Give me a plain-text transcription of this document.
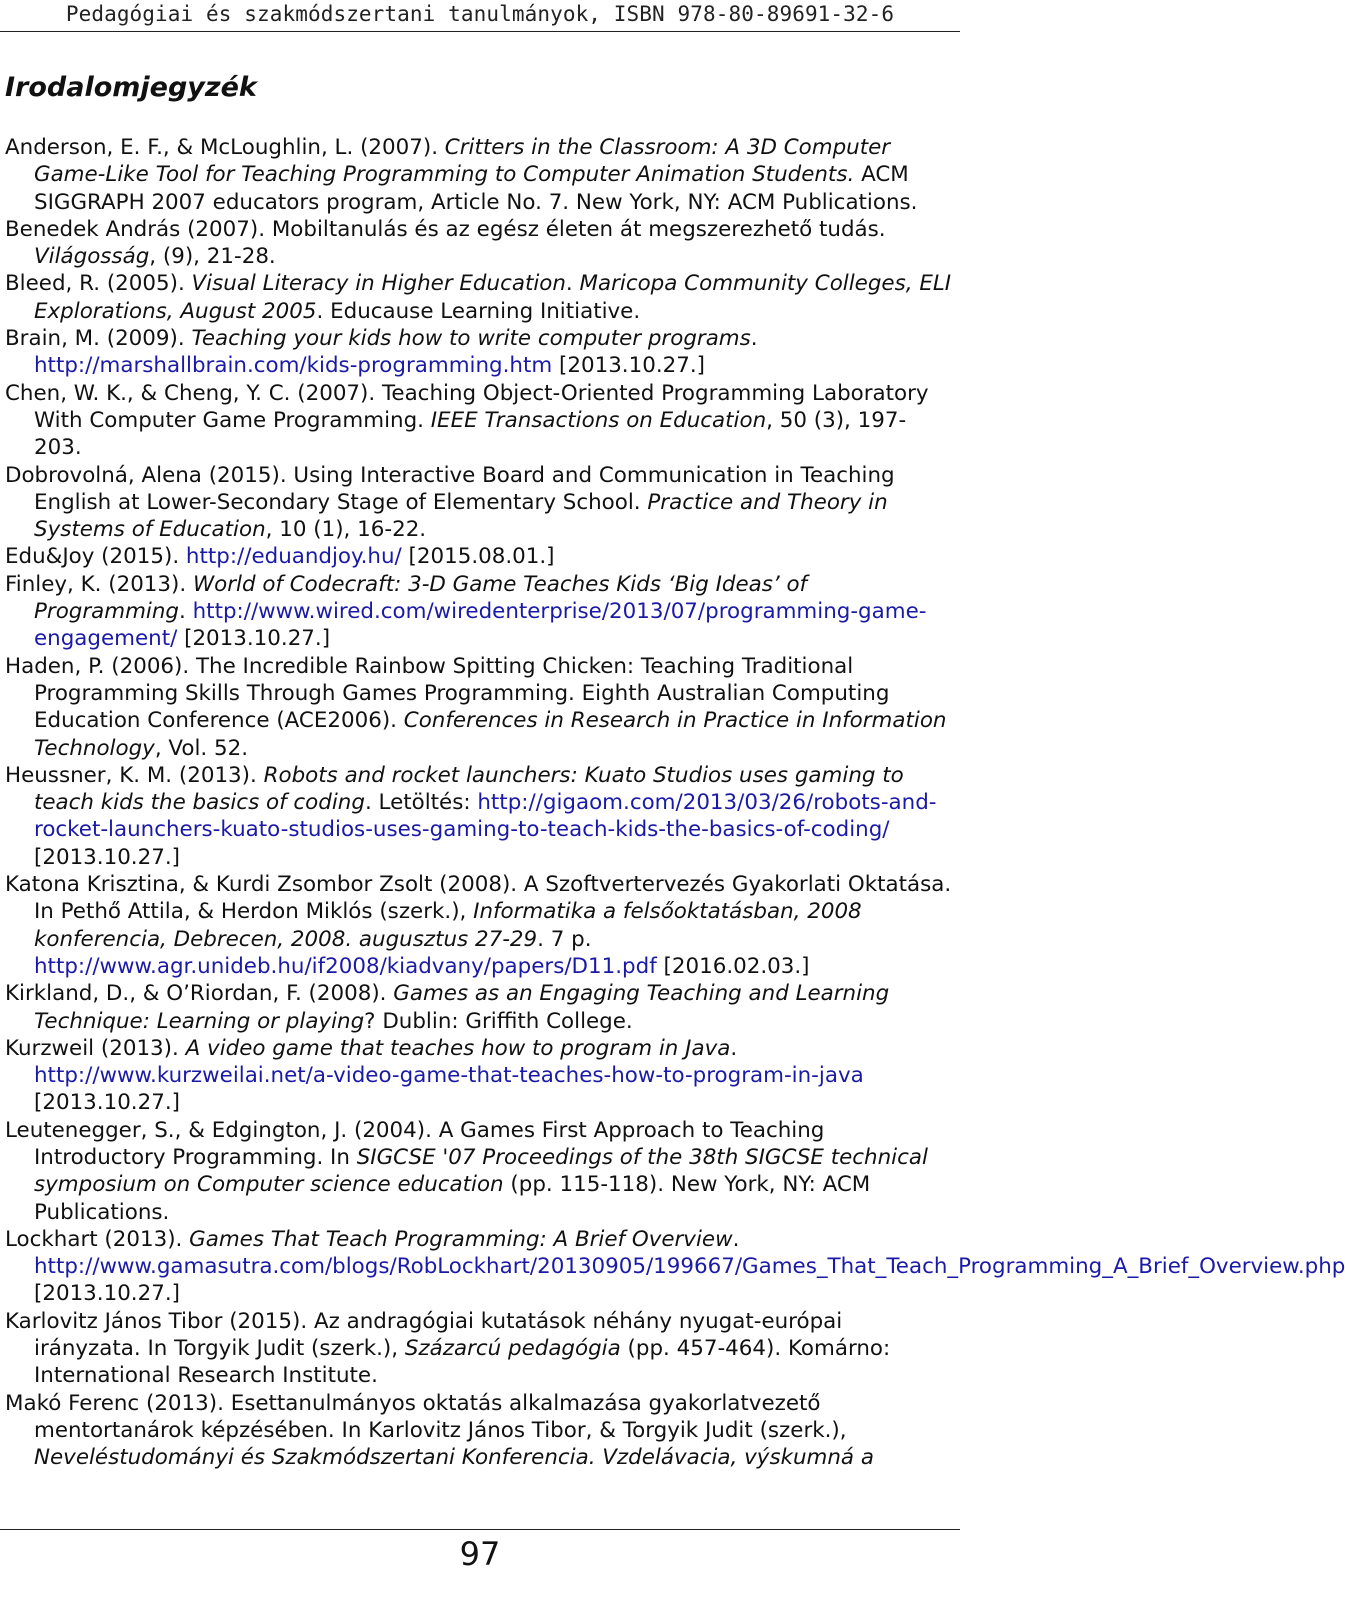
Pedagógiai és szakmódszertani tanulmányok, ISBN 978-80-89691-32-6
Irodalomjegyzék

Anderson, E. F., & McLoughlin, L. (2007). Critters in the Classroom: A 3D Computer Game-Like Tool for Teaching Programming to Computer Animation Students. ACM SIGGRAPH 2007 educators program, Article No. 7. New York, NY: ACM Publications.

Benedek András (2007). Mobiltanulás és az egész életen át megszerezhető tudás. Világosság, (9), 21-28.

Bleed, R. (2005). Visual Literacy in Higher Education. Maricopa Community Colleges, ELI Explorations, August 2005. Educause Learning Initiative.

Brain, M. (2009). Teaching your kids how to write computer programs. http://marshallbrain.com/kids-programming.htm [2013.10.27.]

Chen, W. K., & Cheng, Y. C. (2007). Teaching Object-Oriented Programming Laboratory With Computer Game Programming. IEEE Transactions on Education, 50 (3), 197-203.

Dobrovolná, Alena (2015). Using Interactive Board and Communication in Teaching English at Lower-Secondary Stage of Elementary School. Practice and Theory in Systems of Education, 10 (1), 16-22.

Edu&Joy (2015). http://eduandjoy.hu/ [2015.08.01.]

Finley, K. (2013). World of Codecraft: 3-D Game Teaches Kids ‘Big Ideas’ of Programming. http://www.wired.com/wiredenterprise/2013/07/programming-game-engagement/ [2013.10.27.]

Haden, P. (2006). The Incredible Rainbow Spitting Chicken: Teaching Traditional Programming Skills Through Games Programming. Eighth Australian Computing Education Conference (ACE2006). Conferences in Research in Practice in Information Technology, Vol. 52.

Heussner, K. M. (2013). Robots and rocket launchers: Kuato Studios uses gaming to teach kids the basics of coding. Letöltés: http://gigaom.com/2013/03/26/robots-and-rocket-launchers-kuato-studios-uses-gaming-to-teach-kids-the-basics-of-coding/ [2013.10.27.]

Katona Krisztina, & Kurdi Zsombor Zsolt (2008). A Szoftvertervezés Gyakorlati Oktatása. In Pethő Attila, & Herdon Miklós (szerk.), Informatika a felsőoktatásban, 2008 konferencia, Debrecen, 2008. augusztus 27-29. 7 p. http://www.agr.unideb.hu/if2008/kiadvany/papers/D11.pdf [2016.02.03.]

Kirkland, D., & O’Riordan, F. (2008). Games as an Engaging Teaching and Learning Technique: Learning or playing? Dublin: Griffith College.

Kurzweil (2013). A video game that teaches how to program in Java. http://www.kurzweilai.net/a-video-game-that-teaches-how-to-program-in-java [2013.10.27.]

Leutenegger, S., & Edgington, J. (2004). A Games First Approach to Teaching Introductory Programming. In SIGCSE '07 Proceedings of the 38th SIGCSE technical symposium on Computer science education (pp. 115-118). New York, NY: ACM Publications.

Lockhart (2013). Games That Teach Programming: A Brief Overview. http://www.gamasutra.com/blogs/RobLockhart/20130905/199667/Games_That_Teach_Programming_A_Brief_Overview.php [2013.10.27.]

Karlovitz János Tibor (2015). Az andragógiai kutatások néhány nyugat-európai irányzata. In Torgyik Judit (szerk.), Százarcú pedagógia (pp. 457-464). Komárno: International Research Institute.

Makó Ferenc (2013). Esettanulmányos oktatás alkalmazása gyakorlatvezető mentortanárok képzésében. In Karlovitz János Tibor, & Torgyik Judit (szerk.), Neveléstudományi és Szakmódszertani Konferencia. Vzdelávacia, výskumná a

97
